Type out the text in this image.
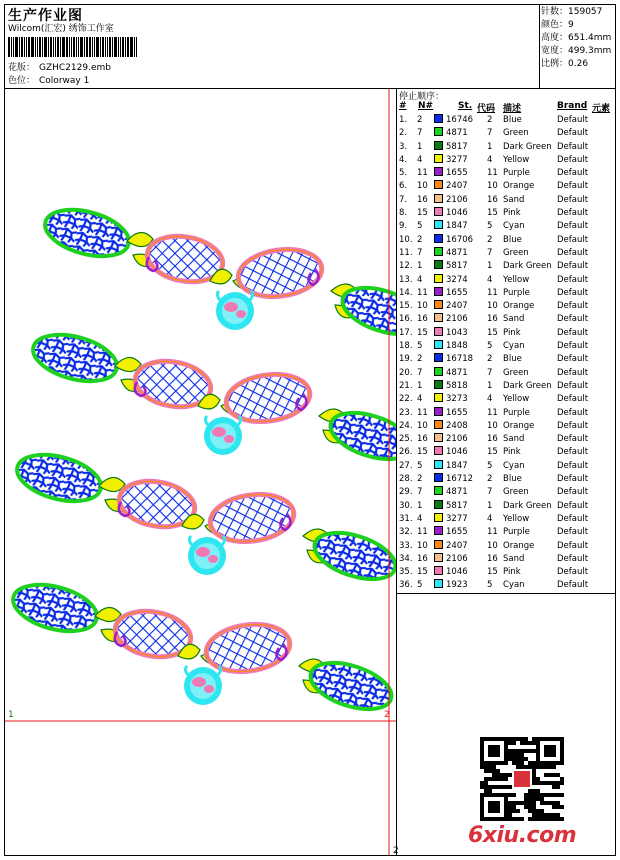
生产作业图
Wilcom(汇宏) 绣饰工作室
花版： GZHC2129.emb
色位： Colorway 1
针数：159057
颜色：9
高度：651.4mm
宽度：499.3mm
比例：0.26
停止顺序：
# N#	St. 代码 描述	Brand 元素
1. 2	16746 2 Blue	Default
2. 7	4871 7 Green	Default
3. 1	5817 1 Dark Green Default
4. 4	3277 4 Yellow	Default
5. 11 1655 11 Purple	Default
6. 10 2407 10 Orange	Default
7. 16 2106 16 Sand	Default
8. 15 1046 15 Pink	Default
9. 5	1847 5 Cyan	Default
10. 2	16706 2 Blue	Default
11. 7	4871 7 Green	Default
12. 1	5817 1 Dark Green Default
13. 4	3274 4 Yellow	Default
14. 11 1655 11 Purple	Default
15. 10 2407 10 Orange	Default
16. 16 2106 16 Sand	Default
17. 15 1043 15 Pink	Default
18. 5	1848 5 Cyan	Default
19. 2	16718 2 Blue	Default
20. 7	4871 7 Green	Default
21. 1	5818 1 Dark Green Default
22. 4	3273 4 Yellow	Default
23. 11 1655 11 Purple	Default
24. 10 2408 10 Orange	Default
25. 16 2106 16 Sand	Default
26. 15 1046 15 Pink	Default
27. 5	1847 5 Cyan	Default
28. 2	16712 2 Blue	Default
29. 7	4871 7 Green	Default
30. 1	5817 1 Dark Green Default
31. 4	3277 4 Yellow	Default
32. 11 1655 11 Purple	Default
33. 10 2407 10 Orange	Default
34. 16 2106 16 Sand	Default
35. 15 1046 15 Pink	Default
36. 5	1923 5 Cyan	Default
1	2
2
6xiu.com
